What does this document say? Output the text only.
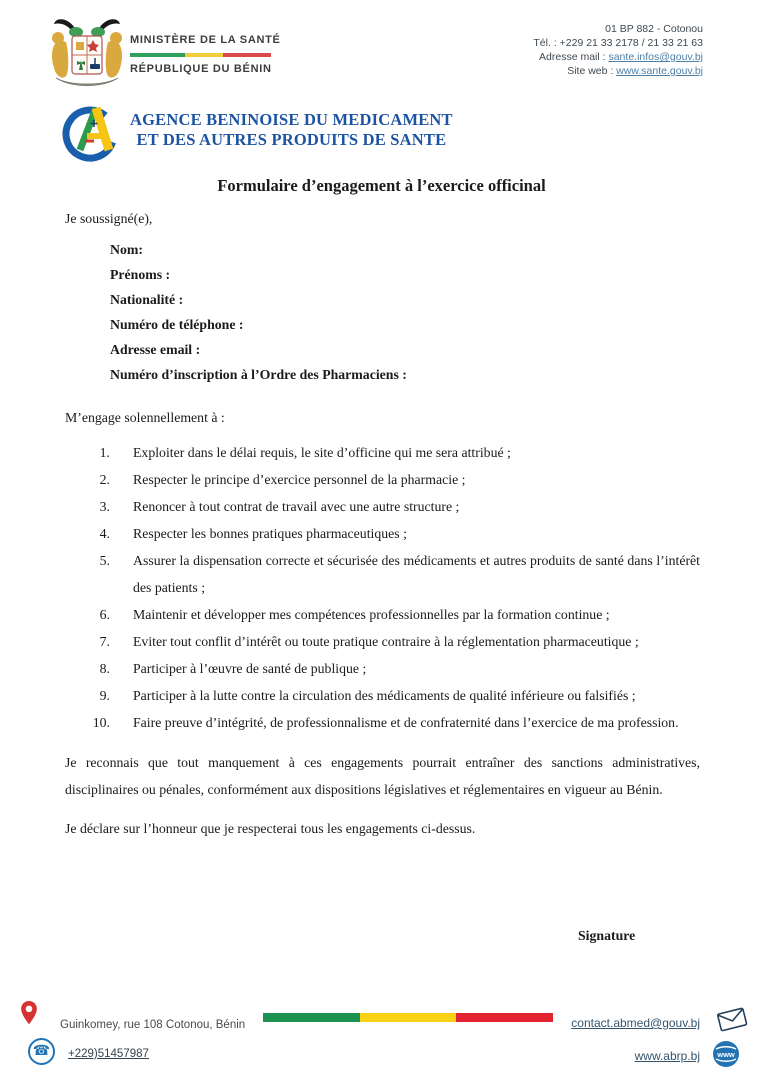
MINISTÈRE DE LA SANTÉ
RÉPUBLIQUE DU BÉNIN
01 BP 882 - Cotonou
Tél. : +229 21 33 2178 / 21 33 21 63
Adresse mail : sante.infos@gouv.bj
Site web : www.sante.gouv.bj
AGENCE BENINOISE DU MEDICAMENT
ET DES AUTRES PRODUITS DE SANTE
Formulaire d’engagement à l’exercice officinal

Je soussigné(e),

Nom:
Prénoms :
Nationalité :
Numéro de téléphone :
Adresse email :
Numéro d’inscription à l’Ordre des Pharmaciens :

M’engage solennellement à :

1.	Exploiter dans le délai requis, le site d’officine qui me sera attribué ;
2.	Respecter le principe d’exercice personnel de la pharmacie ;
3.	Renoncer à tout contrat de travail avec une autre structure ;
4.	Respecter les bonnes pratiques pharmaceutiques ;
5.	Assurer la dispensation correcte et sécurisée des médicaments et autres produits de santé dans l’intérêt des patients ;
6.	Maintenir et développer mes compétences professionnelles par la formation continue ;
7.	Eviter tout conflit d’intérêt ou toute pratique contraire à la réglementation pharmaceutique ;
8.	Participer à l’œuvre de santé de publique ;
9.	Participer à la lutte contre la circulation des médicaments de qualité inférieure ou falsifiés ;
10.	Faire preuve d’intégrité, de professionnalisme et de confraternité dans l’exercice de ma profession.

Je reconnais que tout manquement à ces engagements pourrait entraîner des sanctions administratives, disciplinaires ou pénales, conformément aux dispositions législatives et réglementaires en vigueur au Bénin.

Je déclare sur l’honneur que je respecterai tous les engagements ci-dessus.

Signature
Guinkomey, rue 108 Cotonou, Bénin
☎	+229)51457987
contact.abmed@gouv.bj
www.abrp.bj www
